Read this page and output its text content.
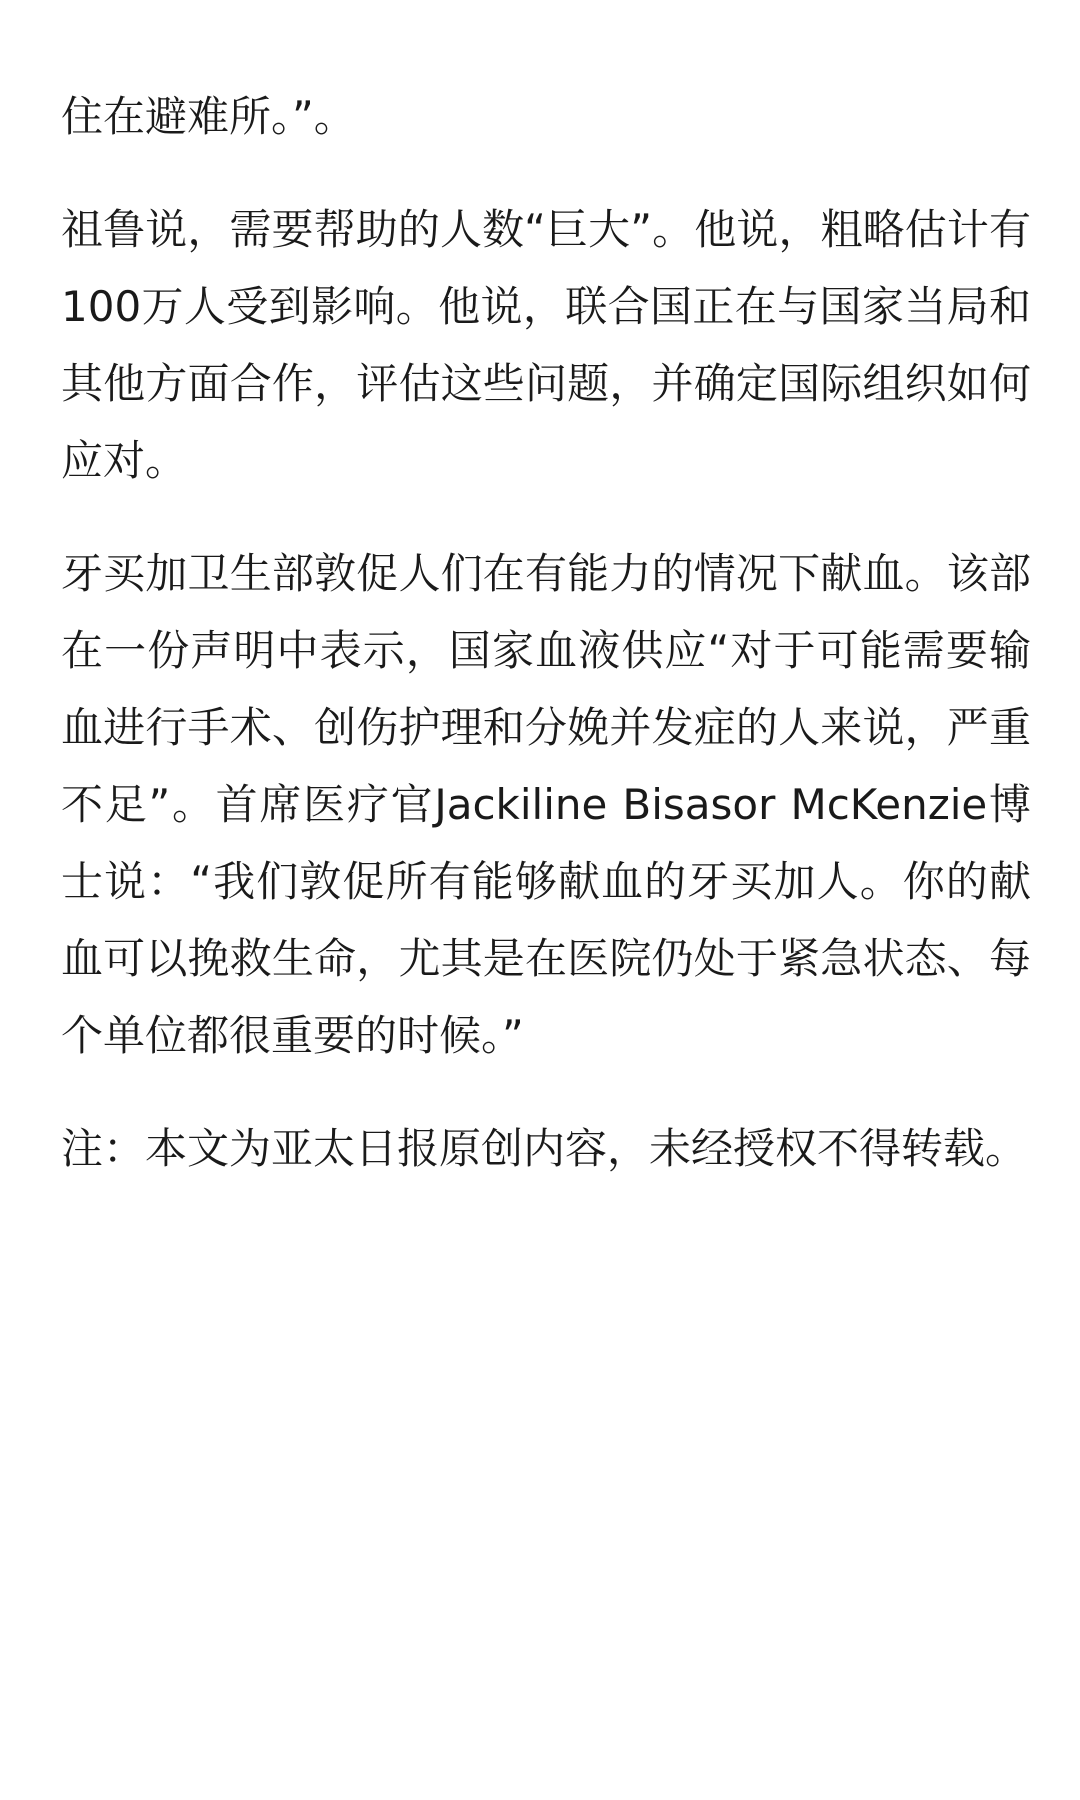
住在避难所。”。

祖鲁说，需要帮助的人数“巨大”。他说，粗略估计有100万人受到影响。他说，联合国正在与国家当局和其他方面合作，评估这些问题，并确定国际组织如何应对。

牙买加卫生部敦促人们在有能力的情况下献血。该部在一份声明中表示，国家血液供应“对于可能需要输血进行手术、创伤护理和分娩并发症的人来说，严重不足”。首席医疗官Jackiline Bisasor McKenzie博士说：“我们敦促所有能够献血的牙买加人。你的献血可以挽救生命，尤其是在医院仍处于紧急状态、每个单位都很重要的时候。”

注：本文为亚太日报原创内容，未经授权不得转载。
